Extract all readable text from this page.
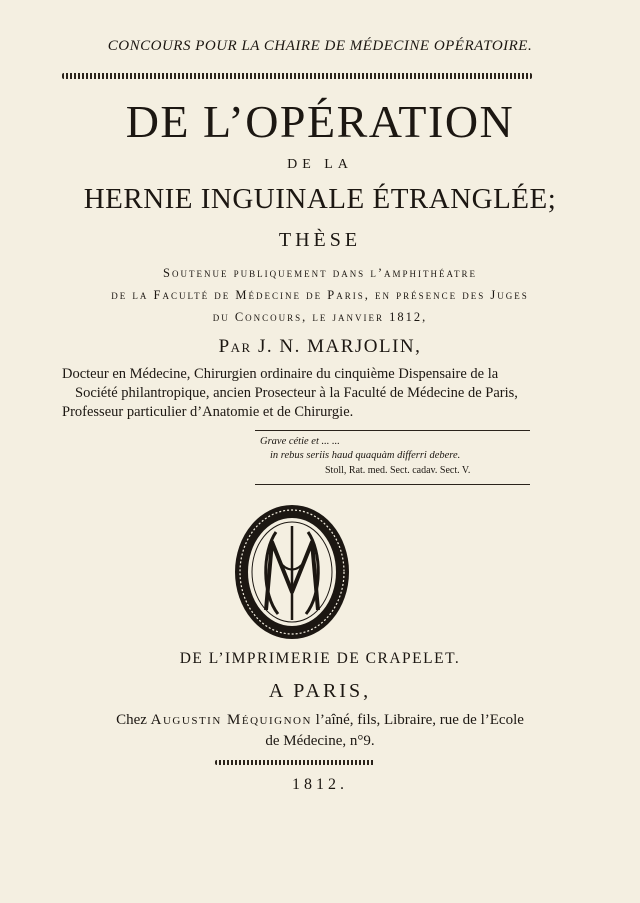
CONCOURS POUR LA CHAIRE DE MÉDECINE OPÉRATOIRE.
DE L’OPÉRATION
DE LA
HERNIE INGUINALE ÉTRANGLÉE;
THÈSE
Soutenue publiquement dans l’amphithéatre
de la Faculté de Médecine de Paris, en présence des Juges
du Concours, le janvier 1812,
Par J. N. MARJOLIN,
Docteur en Médecine, Chirurgien ordinaire du cinquième Dispensaire de la
Société philantropique, ancien Prosecteur à la Faculté de Médecine de Paris,
Professeur particulier d’Anatomie et de Chirurgie.
Grave cétie et ... ...
in rebus seriis haud quaquàm differri debere.
Stoll, Rat. med. Sect. cadav. Sect. V.
DE L’IMPRIMERIE DE CRAPELET.
A PARIS,
Chez Augustin Méquignon l’aîné, fils, Libraire, rue de l’Ecole
de Médecine, n°9.
1812.
